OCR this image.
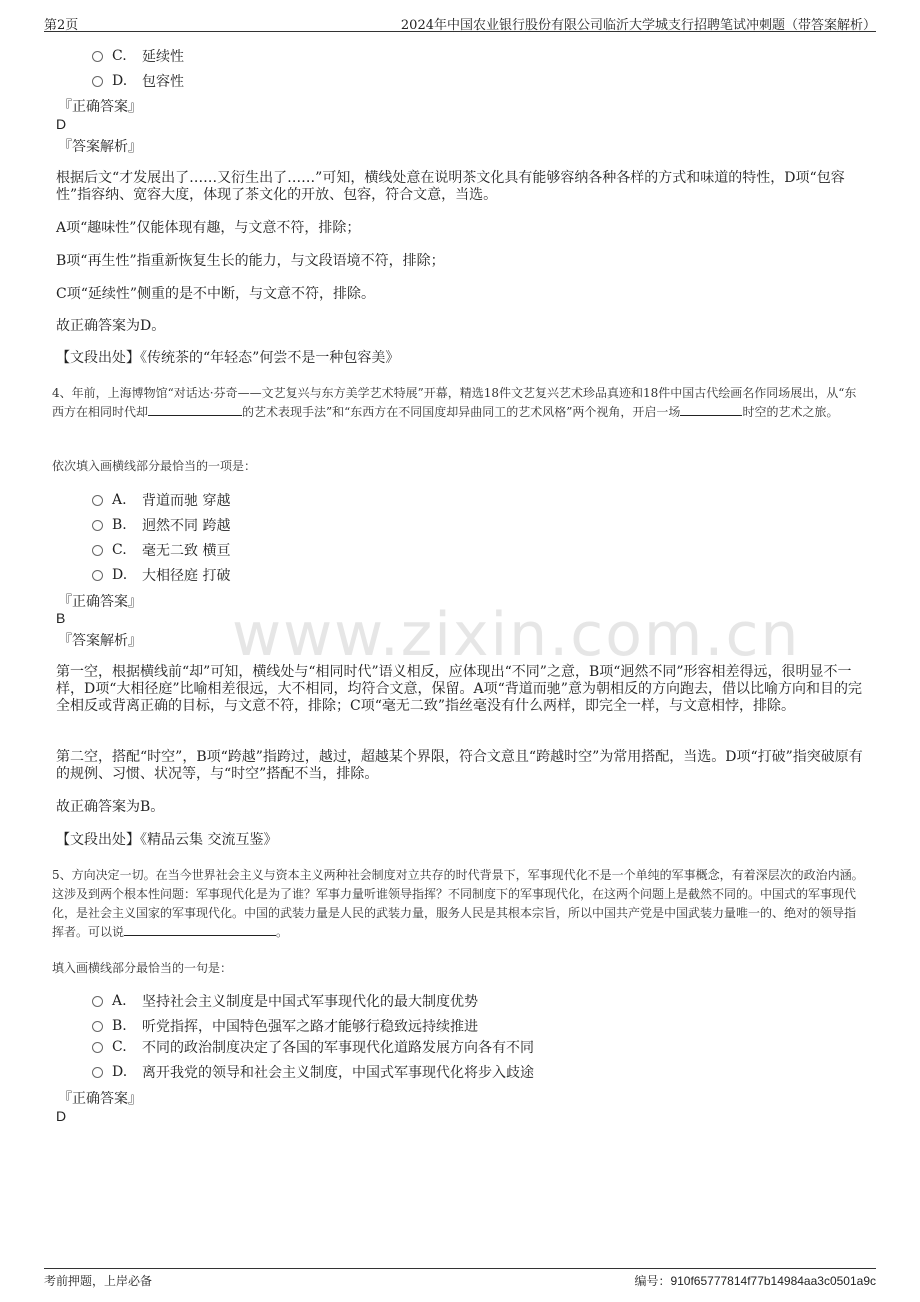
第2页	2024年中国农业银行股份有限公司临沂大学城支行招聘笔试冲刺题（带答案解析）
www.zixin.com.cn
C.	延续性
D.	包容性
『正确答案』
D
『答案解析』
根据后文“才发展出了……又衍生出了……”可知，横线处意在说明茶文化具有能够容纳各种各样的方式和味道的特性，D项“包容性”指容纳、宽容大度，体现了茶文化的开放、包容，符合文意，当选。
A项“趣味性”仅能体现有趣，与文意不符，排除；
B项“再生性”指重新恢复生长的能力，与文段语境不符，排除；
C项“延续性”侧重的是不中断，与文意不符，排除。
故正确答案为D。
【文段出处】《传统茶的“年轻态”何尝不是一种包容美》
4、年前，上海博物馆“对话达·芬奇——文艺复兴与东方美学艺术特展”开幕，精选18件文艺复兴艺术珍品真迹和18件中国古代绘画名作同场展出，从“东西方在相同时代却	的艺术表现手法”和“东西方在不同国度却异曲同工的艺术风格”两个视角，开启一场	时空的艺术之旅。
依次填入画横线部分最恰当的一项是：
A.	背道而驰 穿越
B.	迥然不同 跨越
C.	毫无二致 横亘
D.	大相径庭 打破
『正确答案』
B
『答案解析』
第一空，根据横线前“却”可知，横线处与“相同时代”语义相反，应体现出“不同”之意，B项“迥然不同”形容相差得远，很明显不一样，D项“大相径庭”比喻相差很远，大不相同，均符合文意，保留。A项“背道而驰”意为朝相反的方向跑去，借以比喻方向和目的完全相反或背离正确的目标，与文意不符，排除；C项“毫无二致”指丝毫没有什么两样，即完全一样，与文意相悖，排除。
第二空，搭配“时空”，B项“跨越”指跨过，越过，超越某个界限，符合文意且“跨越时空”为常用搭配，当选。D项“打破”指突破原有的规例、习惯、状况等，与“时空”搭配不当，排除。
故正确答案为B。
【文段出处】《精品云集 交流互鉴》
5、方向决定一切。在当今世界社会主义与资本主义两种社会制度对立共存的时代背景下，军事现代化不是一个单纯的军事概念，有着深层次的政治内涵。这涉及到两个根本性问题：军事现代化是为了谁？军事力量听谁领导指挥？不同制度下的军事现代化，在这两个问题上是截然不同的。中国式的军事现代化，是社会主义国家的军事现代化。中国的武装力量是人民的武装力量，服务人民是其根本宗旨，所以中国共产党是中国武装力量唯一的、绝对的领导指挥者。可以说	。
填入画横线部分最恰当的一句是：
A.	坚持社会主义制度是中国式军事现代化的最大制度优势
B.	听党指挥，中国特色强军之路才能够行稳致远持续推进
C.	不同的政治制度决定了各国的军事现代化道路发展方向各有不同
D.	离开我党的领导和社会主义制度，中国式军事现代化将步入歧途
『正确答案』
D
考前押题，上岸必备	编号：910f65777814f77b14984aa3c0501a9c
